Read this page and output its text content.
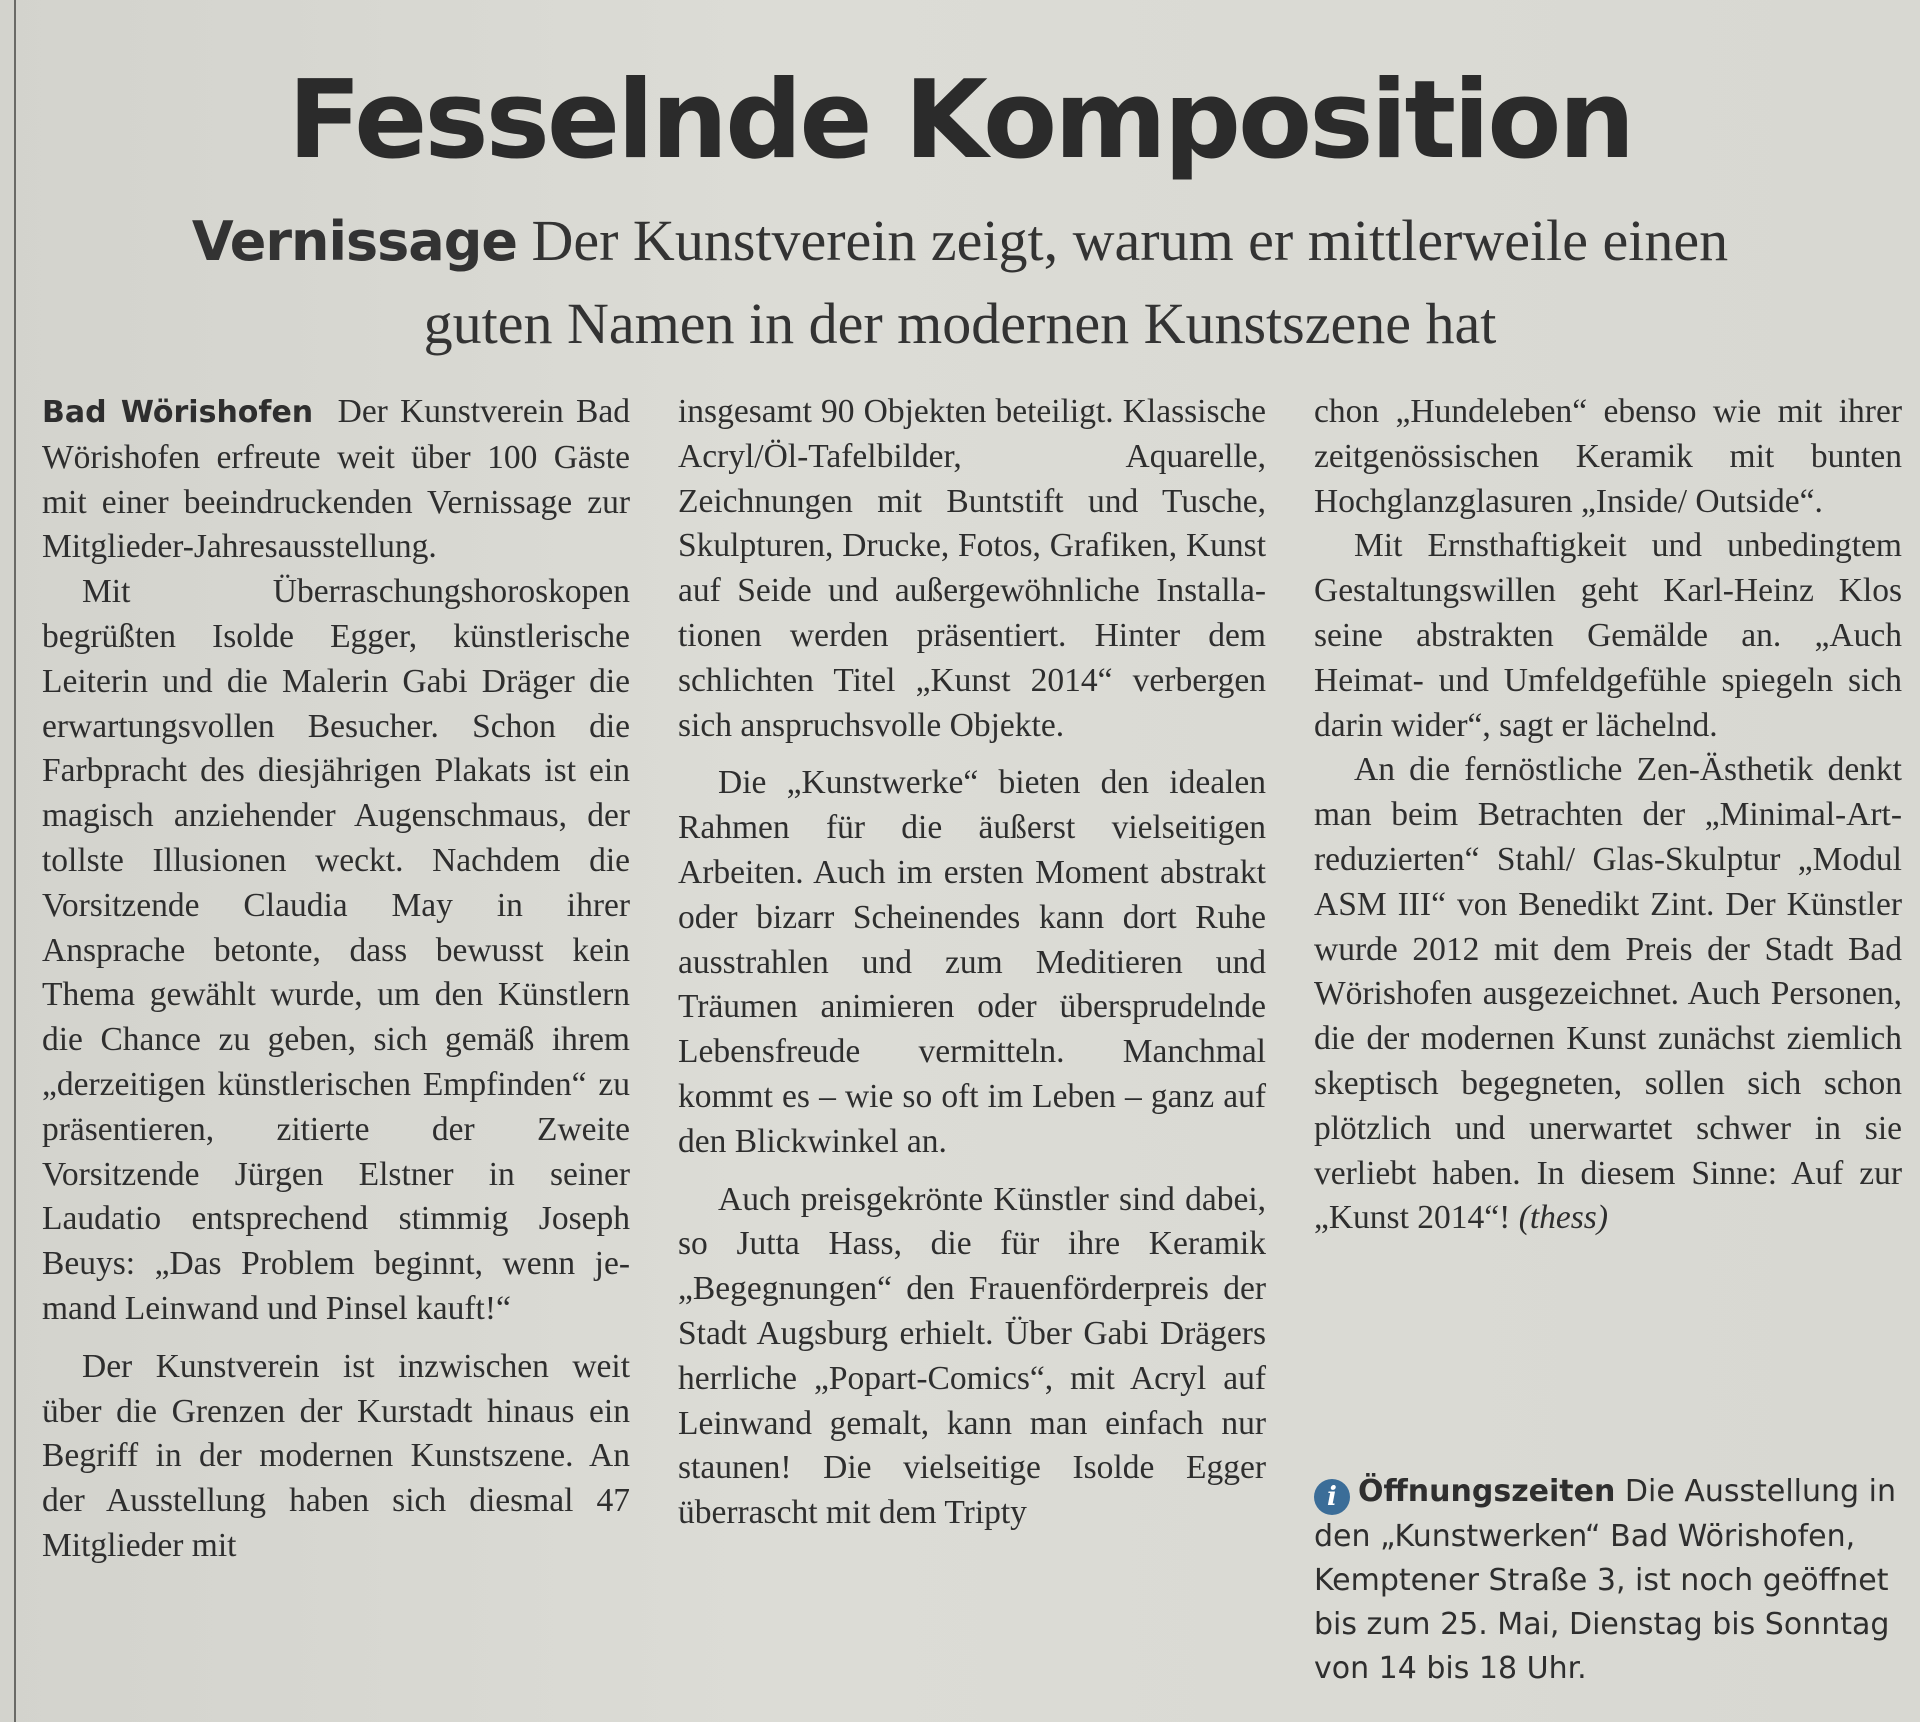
Fesselnde Komposition
Vernissage Der Kunstverein zeigt, warum er mittlerweile einen guten Namen in der modernen Kunstszene hat

Bad Wörishofen Der Kunstverein Bad Wörishofen erfreute weit über 100 Gäste mit einer beeindruckenden Vernissage zur Mitglieder-Jahresausstellung.

Mit Überraschungshoroskopen begrüßten Isolde Egger, künstlerische Leiterin und die Malerin Gabi Dräger die erwartungsvollen Besucher. Schon die Farbpracht des diesjährigen Plakats ist ein magisch anziehender Augenschmaus, der tollste Illusionen weckt. Nachdem die Vorsitzende Claudia May in ihrer Ansprache betonte, dass bewusst kein Thema gewählt wurde, um den Künstlern die Chance zu geben, sich gemäß ihrem „derzeitigen künstlerischen Empfinden“ zu präsentieren, zitierte der Zweite Vorsitzende Jürgen Elstner in seiner Laudatio entsprechend stimmig Joseph Beuys: „Das Problem beginnt, wenn jemand Leinwand und Pinsel kauft!“

Der Kunstverein ist inzwischen weit über die Grenzen der Kurstadt hinaus ein Begriff in der modernen Kunstszene. An der Ausstellung haben sich diesmal 47 Mitglieder mit

insgesamt 90 Objekten beteiligt. Klassische Acryl/Öl-Tafelbilder, Aquarelle, Zeichnungen mit Buntstift und Tusche, Skulpturen, Drucke, Fotos, Grafiken, Kunst auf Seide und außergewöhnliche Installationen werden präsentiert. Hinter dem schlichten Titel „Kunst 2014“ verbergen sich anspruchsvolle Objekte.

Die „Kunstwerke“ bieten den idealen Rahmen für die äußerst vielseitigen Arbeiten. Auch im ersten Moment abstrakt oder bizarr Scheinendes kann dort Ruhe ausstrahlen und zum Meditieren und Träumen animieren oder übersprudelnde Lebensfreude vermitteln. Manchmal kommt es – wie so oft im Leben – ganz auf den Blickwinkel an.

Auch preisgekrönte Künstler sind dabei, so Jutta Hass, die für ihre Keramik „Begegnungen“ den Frauenförderpreis der Stadt Augsburg erhielt. Über Gabi Drägers herrliche „Popart-Comics“, mit Acryl auf Leinwand gemalt, kann man einfach nur staunen! Die vielseitige Isolde Egger überrascht mit dem Tripty

chon „Hundeleben“ ebenso wie mit ihrer zeitgenössischen Keramik mit bunten Hochglanzglasuren „Inside/ Outside“.

Mit Ernsthaftigkeit und unbedingtem Gestaltungswillen geht Karl-Heinz Klos seine abstrakten Gemälde an. „Auch Heimat- und Umfeldgefühle spiegeln sich darin wider“, sagt er lächelnd.

An die fernöstliche Zen-Ästhetik denkt man beim Betrachten der „Minimal-Art-reduzierten“ Stahl/ Glas-Skulptur „Modul ASM III“ von Benedikt Zint. Der Künstler wurde 2012 mit dem Preis der Stadt Bad Wörishofen ausgezeichnet. Auch Personen, die der modernen Kunst zunächst ziemlich skeptisch begegneten, sollen sich schon plötzlich und unerwartet schwer in sie verliebt haben. In diesem Sinne: Auf zur „Kunst 2014“! (thess)

i Öffnungszeiten Die Ausstellung in den „Kunstwerken“ Bad Wörishofen, Kemptener Straße 3, ist noch geöffnet bis zum 25. Mai, Dienstag bis Sonntag von 14 bis 18 Uhr.
